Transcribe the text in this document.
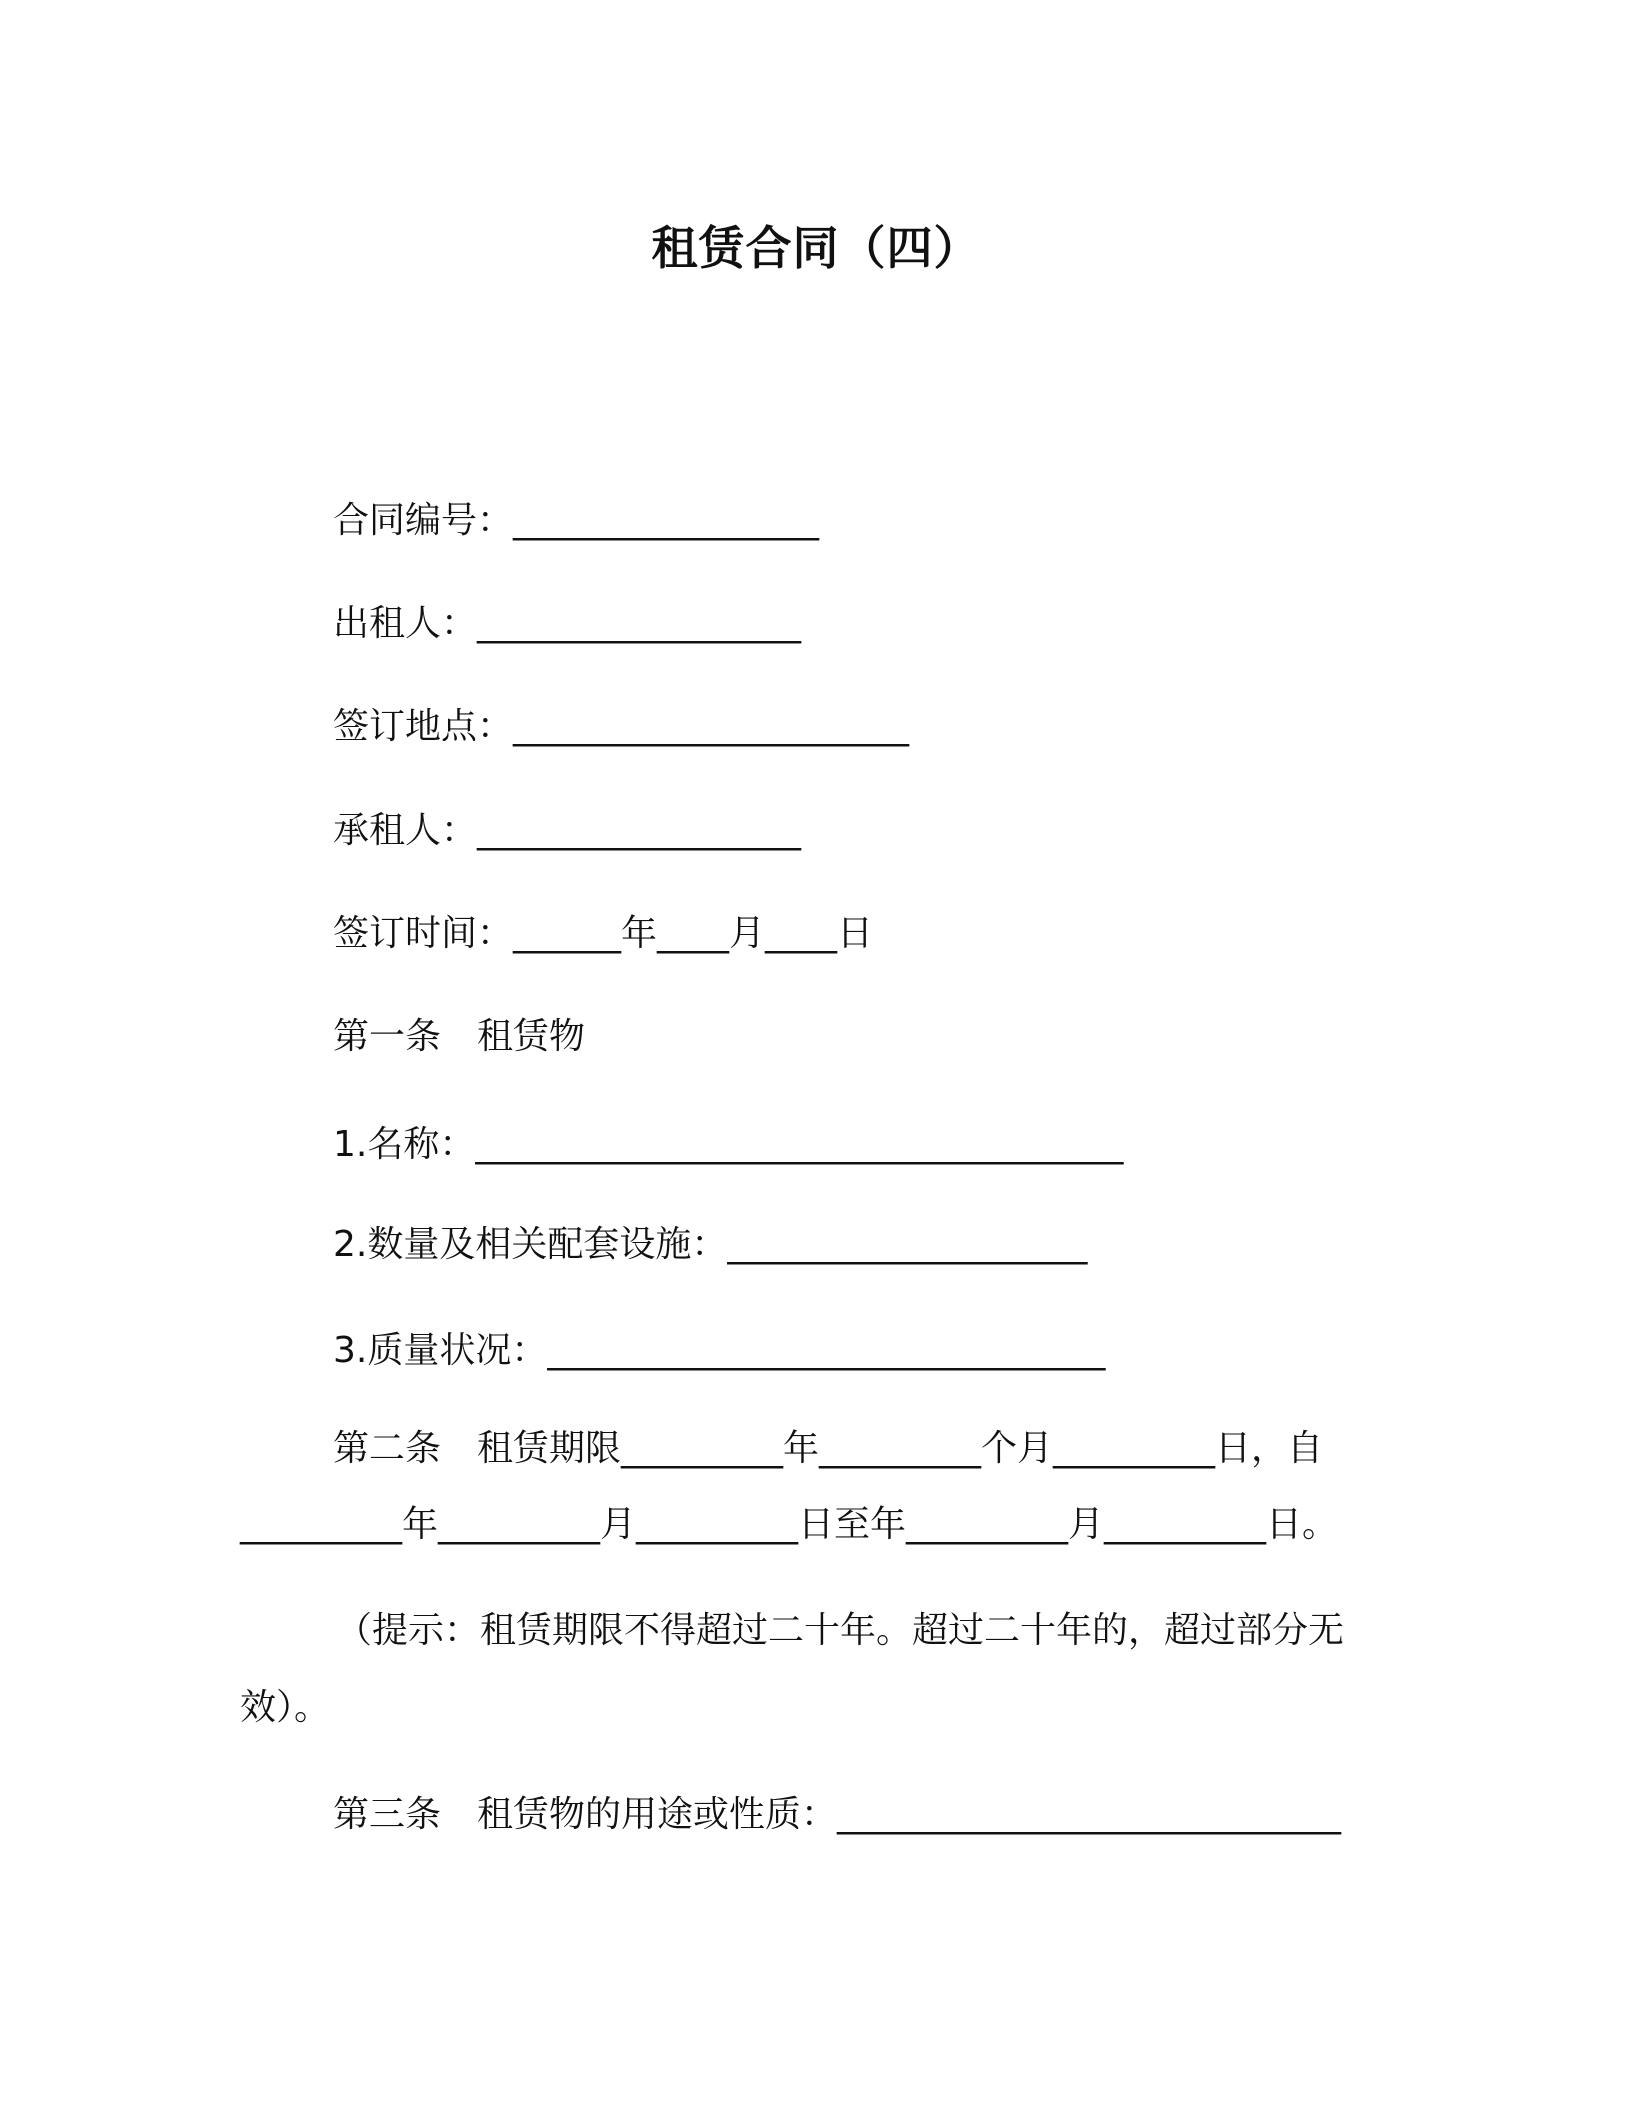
租赁合同（四）
合同编号：_________________
出租人：__________________
签订地点：______________________
承租人：__________________
签订时间：______年____月____日
第一条　租赁物
1.名称：____________________________________
2.数量及相关配套设施：____________________
3.质量状况：_______________________________
第二条　租赁期限_________年_________个月_________日，自
_________年_________月_________日至年_________月_________日。
（提示：租赁期限不得超过二十年。超过二十年的，超过部分无
效）。
第三条　租赁物的用途或性质：____________________________
